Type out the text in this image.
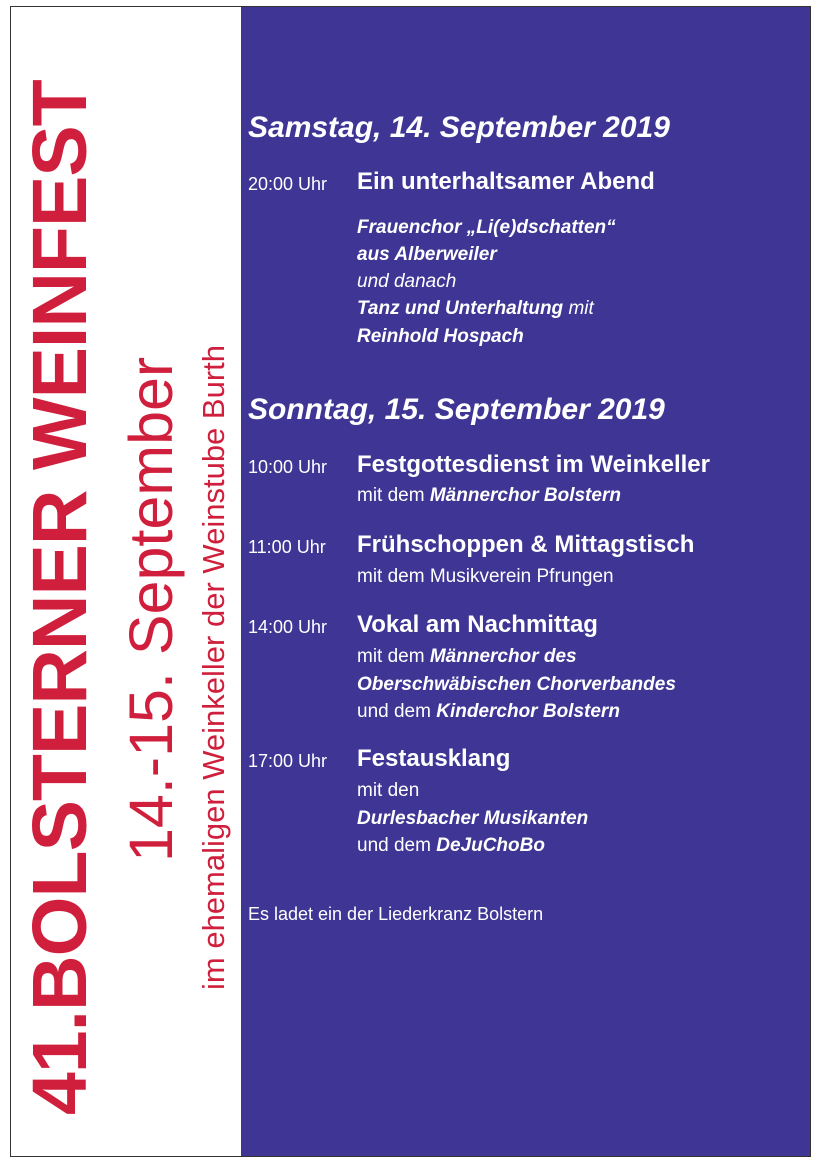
41.BOLSTERNER WEINFEST 14.-15. September im ehemaligen Weinkeller der Weinstube Burth
Samstag, 14. September 2019
20:00 Uhr Ein unterhaltsamer Abend
Frauenchor „Li(e)dschatten“
aus Alberweiler
und danach
Tanz und Unterhaltung mit
Reinhold Hospach
Sonntag, 15. September 2019
10:00 Uhr Festgottesdienst im Weinkeller
mit dem Männerchor Bolstern
11:00 Uhr Frühschoppen & Mittagstisch
mit dem Musikverein Pfrungen
14:00 Uhr Vokal am Nachmittag
mit dem Männerchor des
Oberschwäbischen Chorverbandes
und dem Kinderchor Bolstern
17:00 Uhr Festausklang
mit den
Durlesbacher Musikanten
und dem DeJuChoBo
Es ladet ein der Liederkranz Bolstern
